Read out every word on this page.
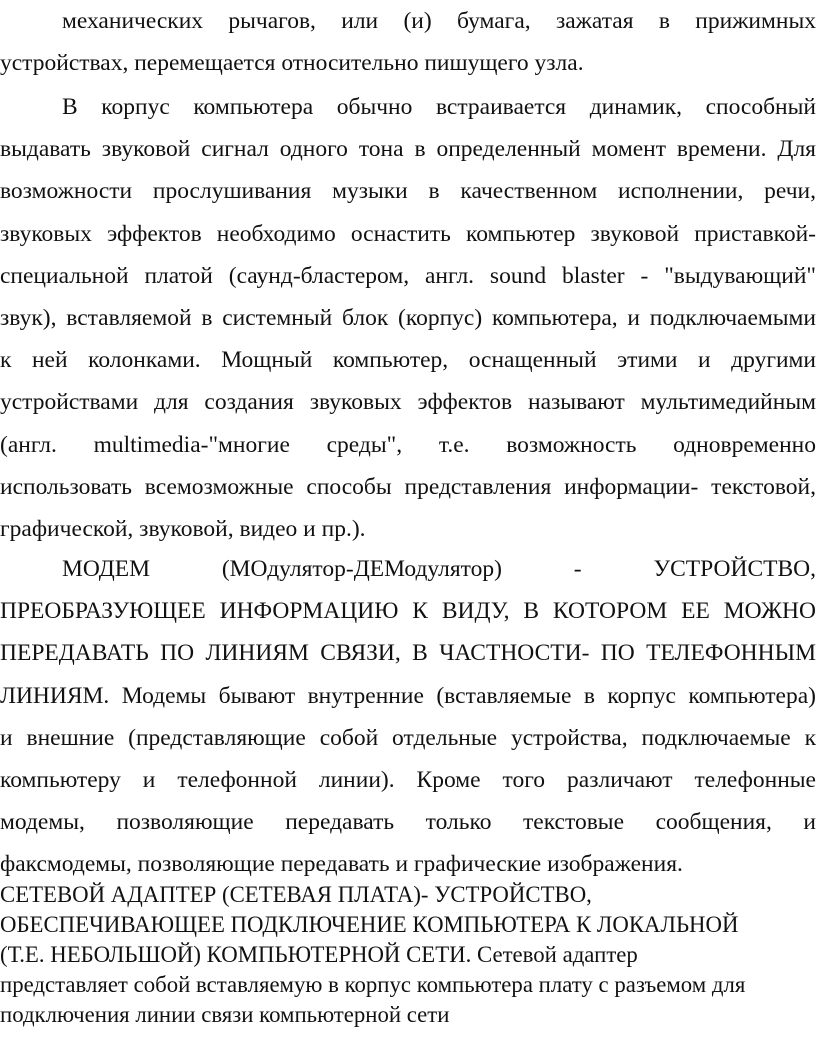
механических рычагов, или (и) бумага, зажатая в прижимных
устройствах, перемещается относительно пишущего узла.
В корпус компьютера обычно встраивается динамик, способный
выдавать звуковой сигнал одного тона в определенный момент времени. Для
возможности прослушивания музыки в качественном исполнении, речи,
звуковых эффектов необходимо оснастить компьютер звуковой приставкой-
специальной платой (саунд-бластером, англ. sound blaster - "выдувающий"
звук), вставляемой в системный блок (корпус) компьютера, и подключаемыми
к ней колонками. Мощный компьютер, оснащенный этими и другими
устройствами для создания звуковых эффектов называют мультимедийным
(англ. multimedia-"многие среды", т.е. возможность одновременно
использовать всемозможные способы представления информации- текстовой,
графической, звуковой, видео и пр.).
МОДЕМ (МОдулятор-ДЕМодулятор) - УСТРОЙСТВО,
ПРЕОБРАЗУЮЩЕЕ ИНФОРМАЦИЮ К ВИДУ, В КОТОРОМ ЕЕ МОЖНО
ПЕРЕДАВАТЬ ПО ЛИНИЯМ СВЯЗИ, В ЧАСТНОСТИ- ПО ТЕЛЕФОННЫМ
ЛИНИЯМ. Модемы бывают внутренние (вставляемые в корпус компьютера)
и внешние (представляющие собой отдельные устройства, подключаемые к
компьютеру и телефонной линии). Кроме того различают телефонные
модемы, позволяющие передавать только текстовые сообщения, и
факсмодемы, позволяющие передавать и графические изображения.
СЕТЕВОЙ АДАПТЕР (СЕТЕВАЯ ПЛАТА)- УСТРОЙСТВО,
ОБЕСПЕЧИВАЮЩЕЕ ПОДКЛЮЧЕНИЕ КОМПЬЮТЕРА К ЛОКАЛЬНОЙ
(Т.Е. НЕБОЛЬШОЙ) КОМПЬЮТЕРНОЙ СЕТИ. Сетевой адаптер
представляет собой вставляемую в корпус компьютера плату с разъемом для
подключения линии связи компьютерной сети
